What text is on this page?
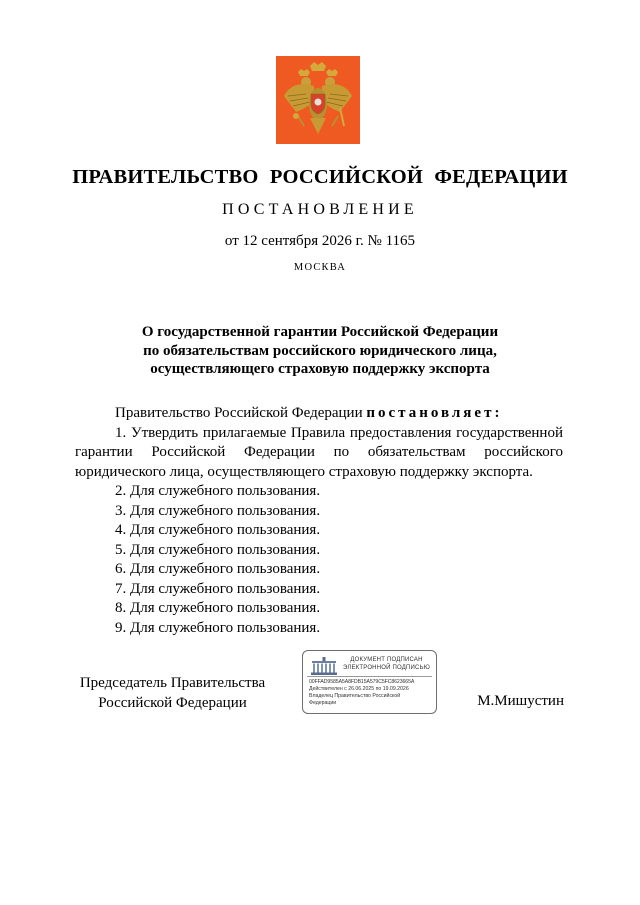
ПРАВИТЕЛЬСТВО РОССИЙСКОЙ ФЕДЕРАЦИИ
ПОСТАНОВЛЕНИЕ
от 12 сентября 2026 г. № 1165
МОСКВА
О государственной гарантии Российской Федерации
по обязательствам российского юридического лица,
осуществляющего страховую поддержку экспорта

Правительство Российской Федерации постановляет:

1. Утвердить прилагаемые Правила предоставления государственной гарантии Российской Федерации по обязательствам российского юридического лица, осуществляющего страховую поддержку экспорта.

2. Для служебного пользования.

3. Для служебного пользования.

4. Для служебного пользования.

5. Для служебного пользования.

6. Для служебного пользования.

7. Для служебного пользования.

8. Для служебного пользования.

9. Для служебного пользования.

Председатель Правительства
Российской Федерации
ДОКУМЕНТ ПОДПИСАН
ЭЛЕКТРОННОЙ ПОДПИСЬЮ
00FFAD9585A5A8FDB15A579C5FC8623665A
Действителен с 26.06.2025 по 19.09.2026
Владелец Правительство Российской
Федерации	М.Мишустин
